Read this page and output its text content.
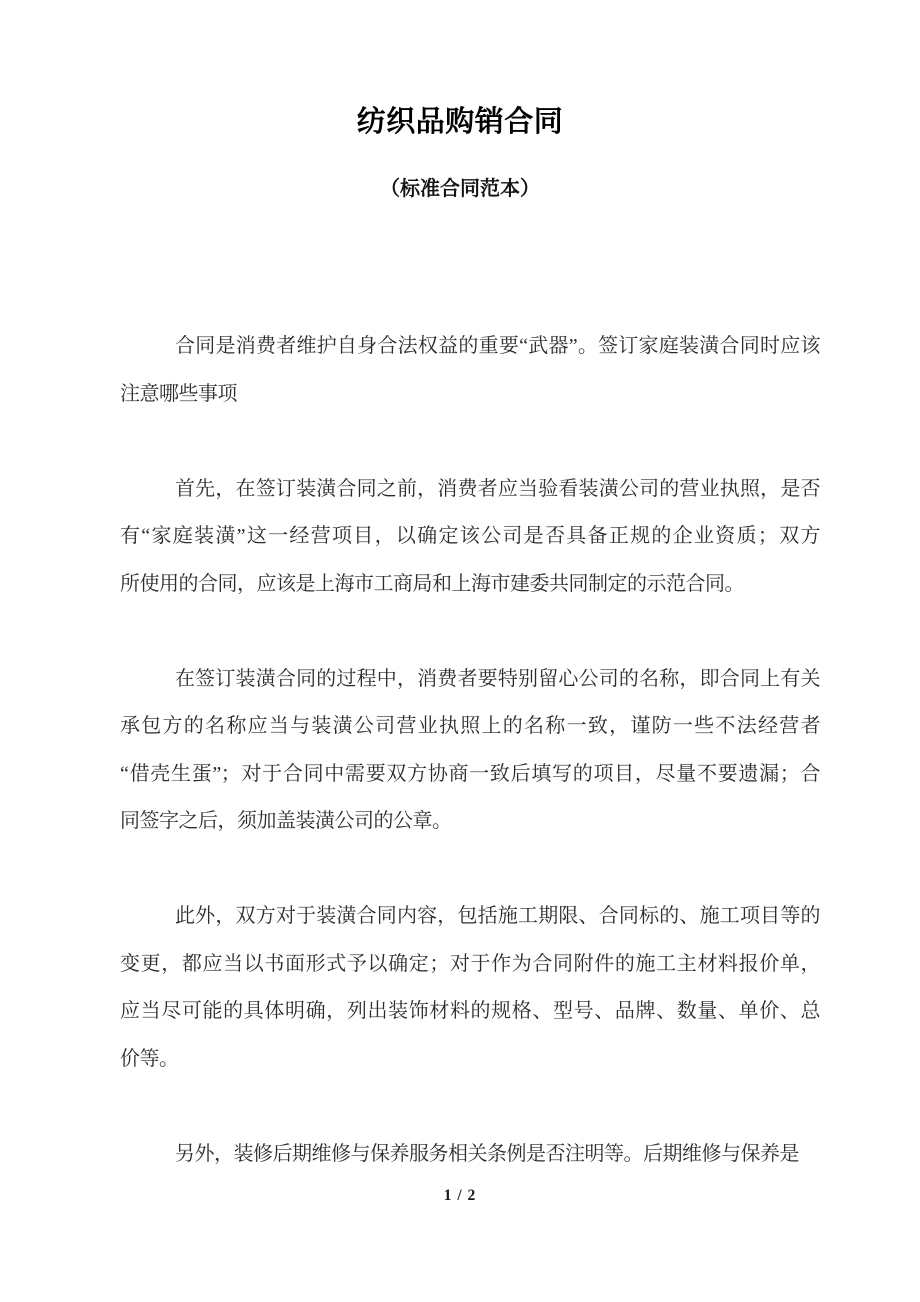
纺织品购销合同
（标准合同范本）
合同是消费者维护自身合法权益的重要“武器”。签订家庭装潢合同时应该
注意哪些事项
首先，在签订装潢合同之前，消费者应当验看装潢公司的营业执照，是否
有“家庭装潢”这一经营项目，以确定该公司是否具备正规的企业资质；双方
所使用的合同，应该是上海市工商局和上海市建委共同制定的示范合同。
在签订装潢合同的过程中，消费者要特别留心公司的名称，即合同上有关
承包方的名称应当与装潢公司营业执照上的名称一致，谨防一些不法经营者
“借壳生蛋”；对于合同中需要双方协商一致后填写的项目，尽量不要遗漏；合
同签字之后，须加盖装潢公司的公章。
此外，双方对于装潢合同内容，包括施工期限、合同标的、施工项目等的
变更，都应当以书面形式予以确定；对于作为合同附件的施工主材料报价单，
应当尽可能的具体明确，列出装饰材料的规格、型号、品牌、数量、单价、总
价等。
另外，装修后期维修与保养服务相关条例是否注明等。后期维修与保养是
1 / 2
